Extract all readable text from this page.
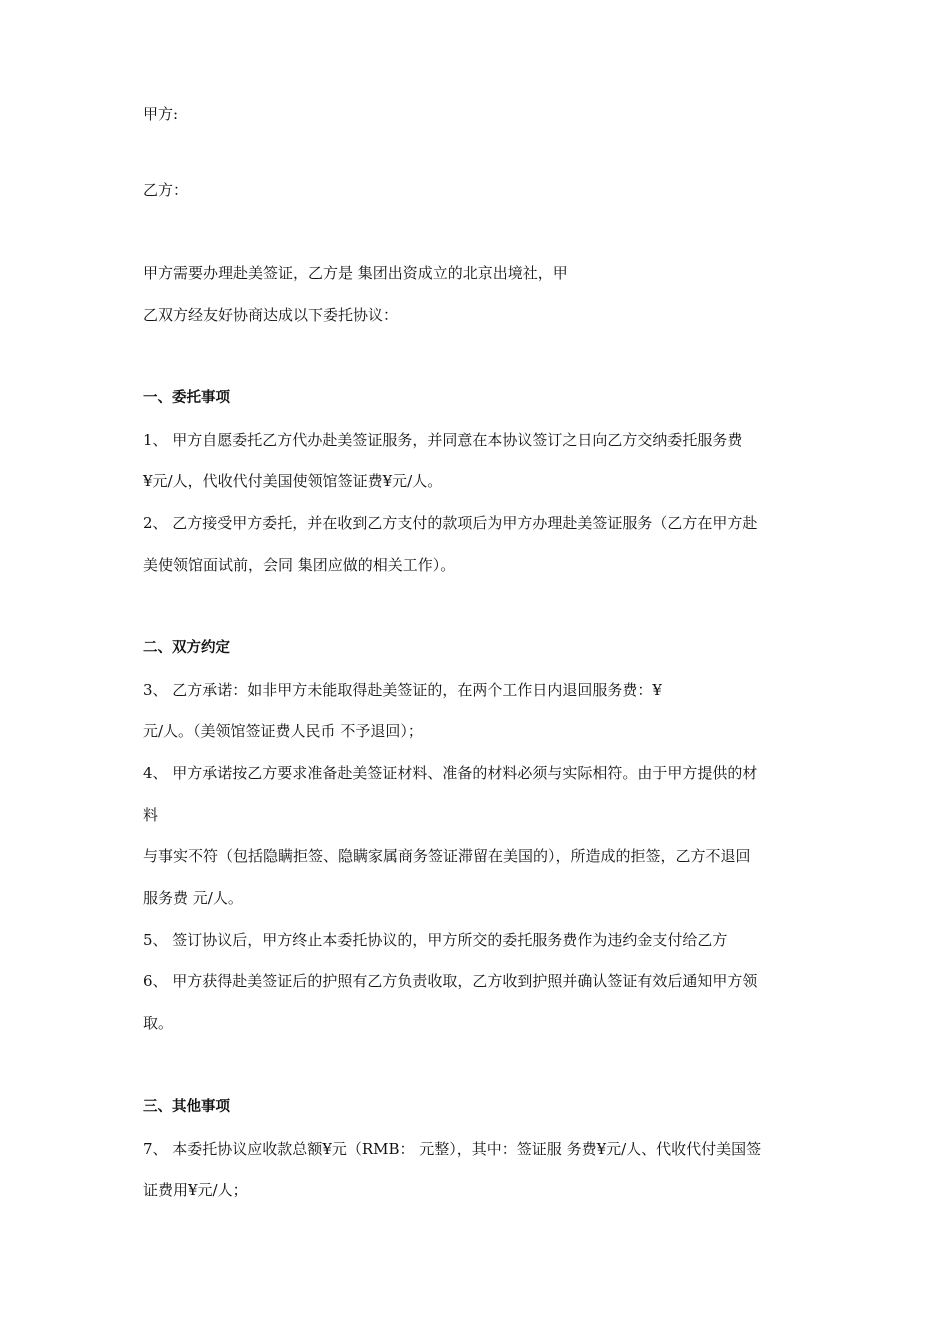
甲方:
乙方：
甲方需要办理赴美签证，乙方是 集团出资成立的北京出境社，甲
乙双方经友好协商达成以下委托协议：
一、委托事项
1、 甲方自愿委托乙方代办赴美签证服务，并同意在本协议签订之日向乙方交纳委托服务费
¥元/人，代收代付美国使领馆签证费¥元/人。
2、 乙方接受甲方委托，并在收到乙方支付的款项后为甲方办理赴美签证服务（乙方在甲方赴
美使领馆面试前，会同 集团应做的相关工作）。
二、双方约定
3、 乙方承诺：如非甲方未能取得赴美签证的，在两个工作日内退回服务费：¥
元/人。（美领馆签证费人民币 不予退回）；
4、 甲方承诺按乙方要求准备赴美签证材料、准备的材料必须与实际相符。由于甲方提供的材
料
与事实不符（包括隐瞒拒签、隐瞒家属商务签证滞留在美国的），所造成的拒签，乙方不退回
服务费 元/人。
5、 签订协议后，甲方终止本委托协议的，甲方所交的委托服务费作为违约金支付给乙方
6、 甲方获得赴美签证后的护照有乙方负责收取，乙方收到护照并确认签证有效后通知甲方领
取。
三、其他事项
7、 本委托协议应收款总额¥元（RMB： 元整），其中：签证服 务费¥元/人、代收代付美国签
证费用¥元/人；
